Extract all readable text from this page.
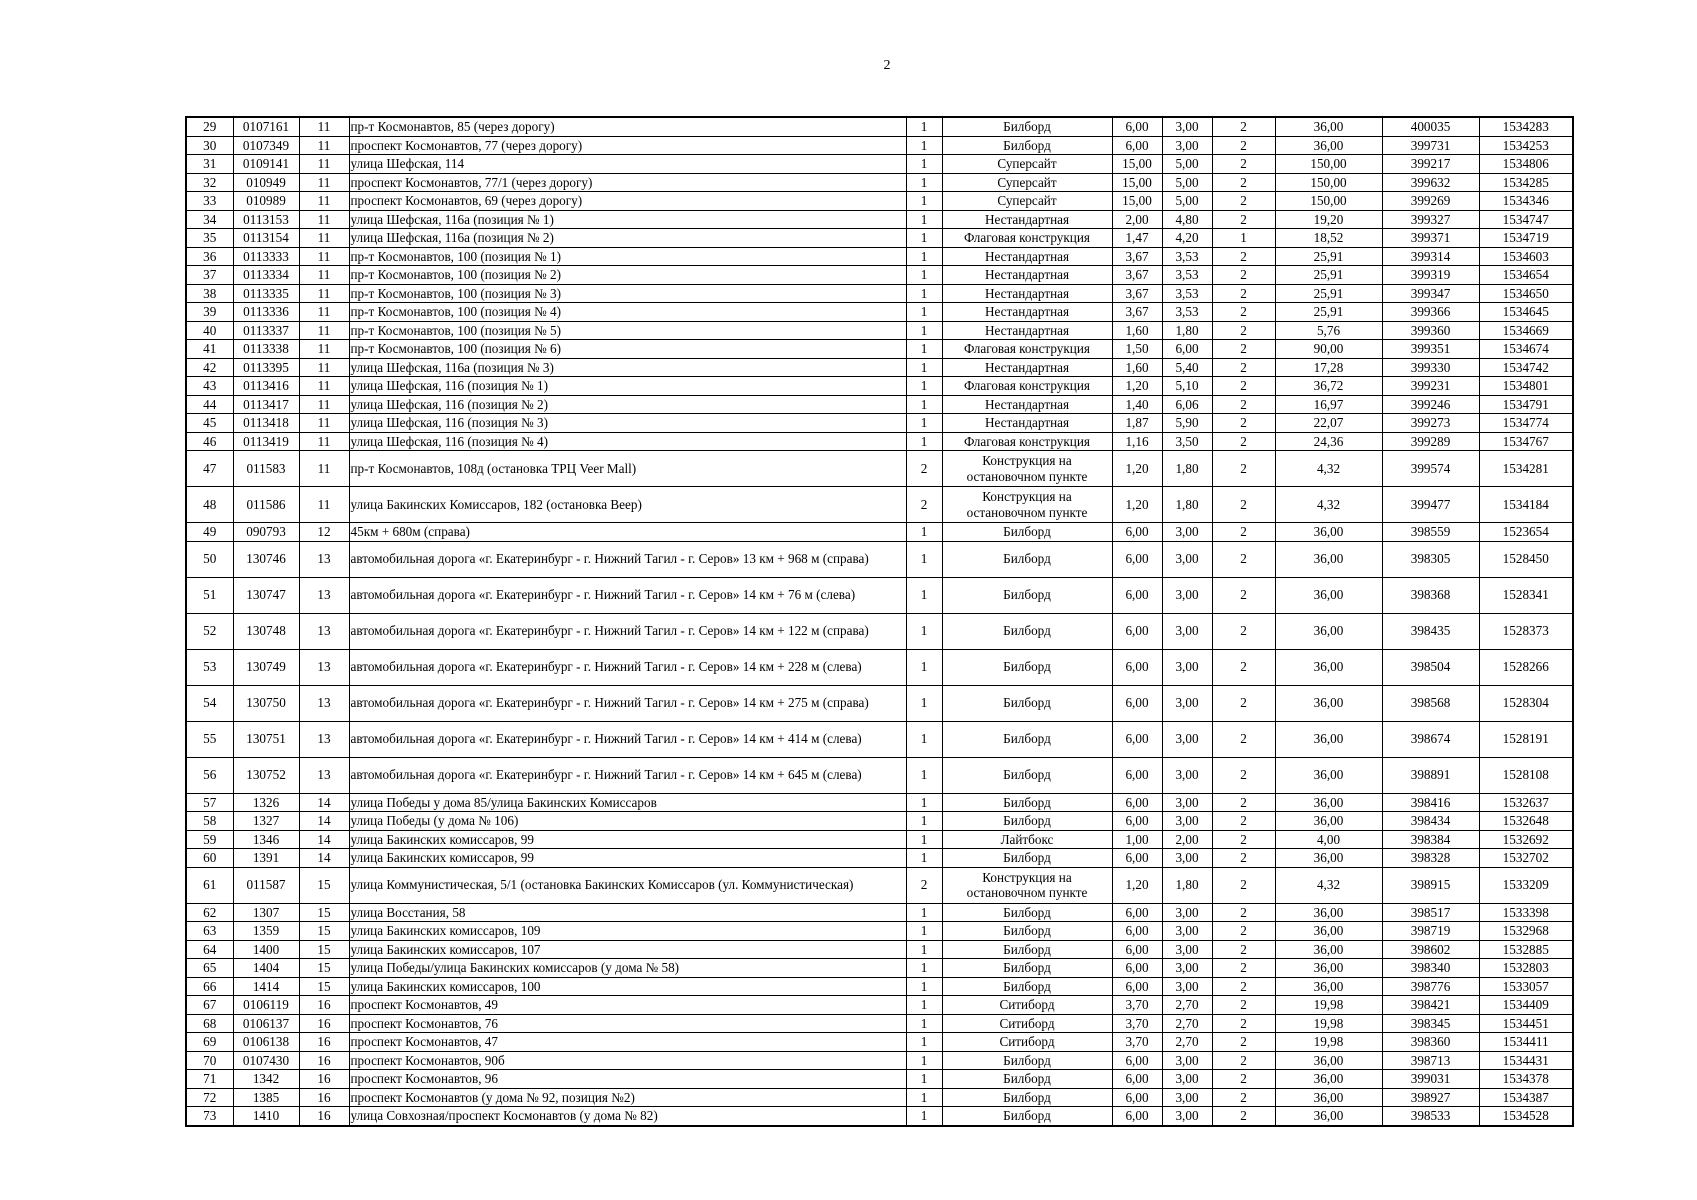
2
29	0107161	11	пр-т Космонавтов, 85 (через дорогу)	1	Билборд	6,00	3,00	2	36,00	400035	1534283
30	0107349	11	проспект Космонавтов, 77 (через дорогу)	1	Билборд	6,00	3,00	2	36,00	399731	1534253
31	0109141	11	улица Шефская, 114	1	Суперсайт	15,00	5,00	2	150,00	399217	1534806
32	010949	11	проспект Космонавтов, 77/1 (через дорогу)	1	Суперсайт	15,00	5,00	2	150,00	399632	1534285
33	010989	11	проспект Космонавтов, 69 (через дорогу)	1	Суперсайт	15,00	5,00	2	150,00	399269	1534346
34	0113153	11	улица Шефская, 116а (позиция № 1)	1	Нестандартная	2,00	4,80	2	19,20	399327	1534747
35	0113154	11	улица Шефская, 116а (позиция № 2)	1	Флаговая конструкция	1,47	4,20	1	18,52	399371	1534719
36	0113333	11	пр-т Космонавтов, 100 (позиция № 1)	1	Нестандартная	3,67	3,53	2	25,91	399314	1534603
37	0113334	11	пр-т Космонавтов, 100 (позиция № 2)	1	Нестандартная	3,67	3,53	2	25,91	399319	1534654
38	0113335	11	пр-т Космонавтов, 100 (позиция № 3)	1	Нестандартная	3,67	3,53	2	25,91	399347	1534650
39	0113336	11	пр-т Космонавтов, 100 (позиция № 4)	1	Нестандартная	3,67	3,53	2	25,91	399366	1534645
40	0113337	11	пр-т Космонавтов, 100 (позиция № 5)	1	Нестандартная	1,60	1,80	2	5,76	399360	1534669
41	0113338	11	пр-т Космонавтов, 100 (позиция № 6)	1	Флаговая конструкция	1,50	6,00	2	90,00	399351	1534674
42	0113395	11	улица Шефская, 116а (позиция № 3)	1	Нестандартная	1,60	5,40	2	17,28	399330	1534742
43	0113416	11	улица Шефская, 116 (позиция № 1)	1	Флаговая конструкция	1,20	5,10	2	36,72	399231	1534801
44	0113417	11	улица Шефская, 116 (позиция № 2)	1	Нестандартная	1,40	6,06	2	16,97	399246	1534791
45	0113418	11	улица Шефская, 116 (позиция № 3)	1	Нестандартная	1,87	5,90	2	22,07	399273	1534774
46	0113419	11	улица Шефская, 116 (позиция № 4)	1	Флаговая конструкция	1,16	3,50	2	24,36	399289	1534767
47	011583	11	пр-т Космонавтов, 108д (остановка ТРЦ Veer Mall)	2	Конструкция на остановочном пункте	1,20	1,80	2	4,32	399574	1534281
48	011586	11	улица Бакинских Комиссаров, 182 (остановка Веер)	2	Конструкция на остановочном пункте	1,20	1,80	2	4,32	399477	1534184
49	090793	12	45км + 680м (справа)	1	Билборд	6,00	3,00	2	36,00	398559	1523654
50	130746	13	автомобильная дорога «г. Екатеринбург - г. Нижний Тагил - г. Серов» 13 км + 968 м (справа)	1	Билборд	6,00	3,00	2	36,00	398305	1528450
51	130747	13	автомобильная дорога «г. Екатеринбург - г. Нижний Тагил - г. Серов» 14 км + 76 м (слева)	1	Билборд	6,00	3,00	2	36,00	398368	1528341
52	130748	13	автомобильная дорога «г. Екатеринбург - г. Нижний Тагил - г. Серов» 14 км + 122 м (справа)	1	Билборд	6,00	3,00	2	36,00	398435	1528373
53	130749	13	автомобильная дорога «г. Екатеринбург - г. Нижний Тагил - г. Серов» 14 км + 228 м (слева)	1	Билборд	6,00	3,00	2	36,00	398504	1528266
54	130750	13	автомобильная дорога «г. Екатеринбург - г. Нижний Тагил - г. Серов» 14 км + 275 м (справа)	1	Билборд	6,00	3,00	2	36,00	398568	1528304
55	130751	13	автомобильная дорога «г. Екатеринбург - г. Нижний Тагил - г. Серов» 14 км + 414 м (слева)	1	Билборд	6,00	3,00	2	36,00	398674	1528191
56	130752	13	автомобильная дорога «г. Екатеринбург - г. Нижний Тагил - г. Серов» 14 км + 645 м (слева)	1	Билборд	6,00	3,00	2	36,00	398891	1528108
57	1326	14	улица Победы у дома 85/улица Бакинских Комиссаров	1	Билборд	6,00	3,00	2	36,00	398416	1532637
58	1327	14	улица Победы (у дома № 106)	1	Билборд	6,00	3,00	2	36,00	398434	1532648
59	1346	14	улица Бакинских комиссаров, 99	1	Лайтбокс	1,00	2,00	2	4,00	398384	1532692
60	1391	14	улица Бакинских комиссаров, 99	1	Билборд	6,00	3,00	2	36,00	398328	1532702
61	011587	15	улица Коммунистическая, 5/1 (остановка Бакинских Комиссаров (ул. Коммунистическая)	2	Конструкция на остановочном пункте	1,20	1,80	2	4,32	398915	1533209
62	1307	15	улица Восстания, 58	1	Билборд	6,00	3,00	2	36,00	398517	1533398
63	1359	15	улица Бакинских комиссаров, 109	1	Билборд	6,00	3,00	2	36,00	398719	1532968
64	1400	15	улица Бакинских комиссаров, 107	1	Билборд	6,00	3,00	2	36,00	398602	1532885
65	1404	15	улица Победы/улица Бакинских комиссаров (у дома № 58)	1	Билборд	6,00	3,00	2	36,00	398340	1532803
66	1414	15	улица Бакинских комиссаров, 100	1	Билборд	6,00	3,00	2	36,00	398776	1533057
67	0106119	16	проспект Космонавтов, 49	1	Ситиборд	3,70	2,70	2	19,98	398421	1534409
68	0106137	16	проспект Космонавтов, 76	1	Ситиборд	3,70	2,70	2	19,98	398345	1534451
69	0106138	16	проспект Космонавтов, 47	1	Ситиборд	3,70	2,70	2	19,98	398360	1534411
70	0107430	16	проспект Космонавтов, 90б	1	Билборд	6,00	3,00	2	36,00	398713	1534431
71	1342	16	проспект Космонавтов, 96	1	Билборд	6,00	3,00	2	36,00	399031	1534378
72	1385	16	проспект Космонавтов (у дома № 92, позиция №2)	1	Билборд	6,00	3,00	2	36,00	398927	1534387
73	1410	16	улица Совхозная/проспект Космонавтов (у дома № 82)	1	Билборд	6,00	3,00	2	36,00	398533	1534528
